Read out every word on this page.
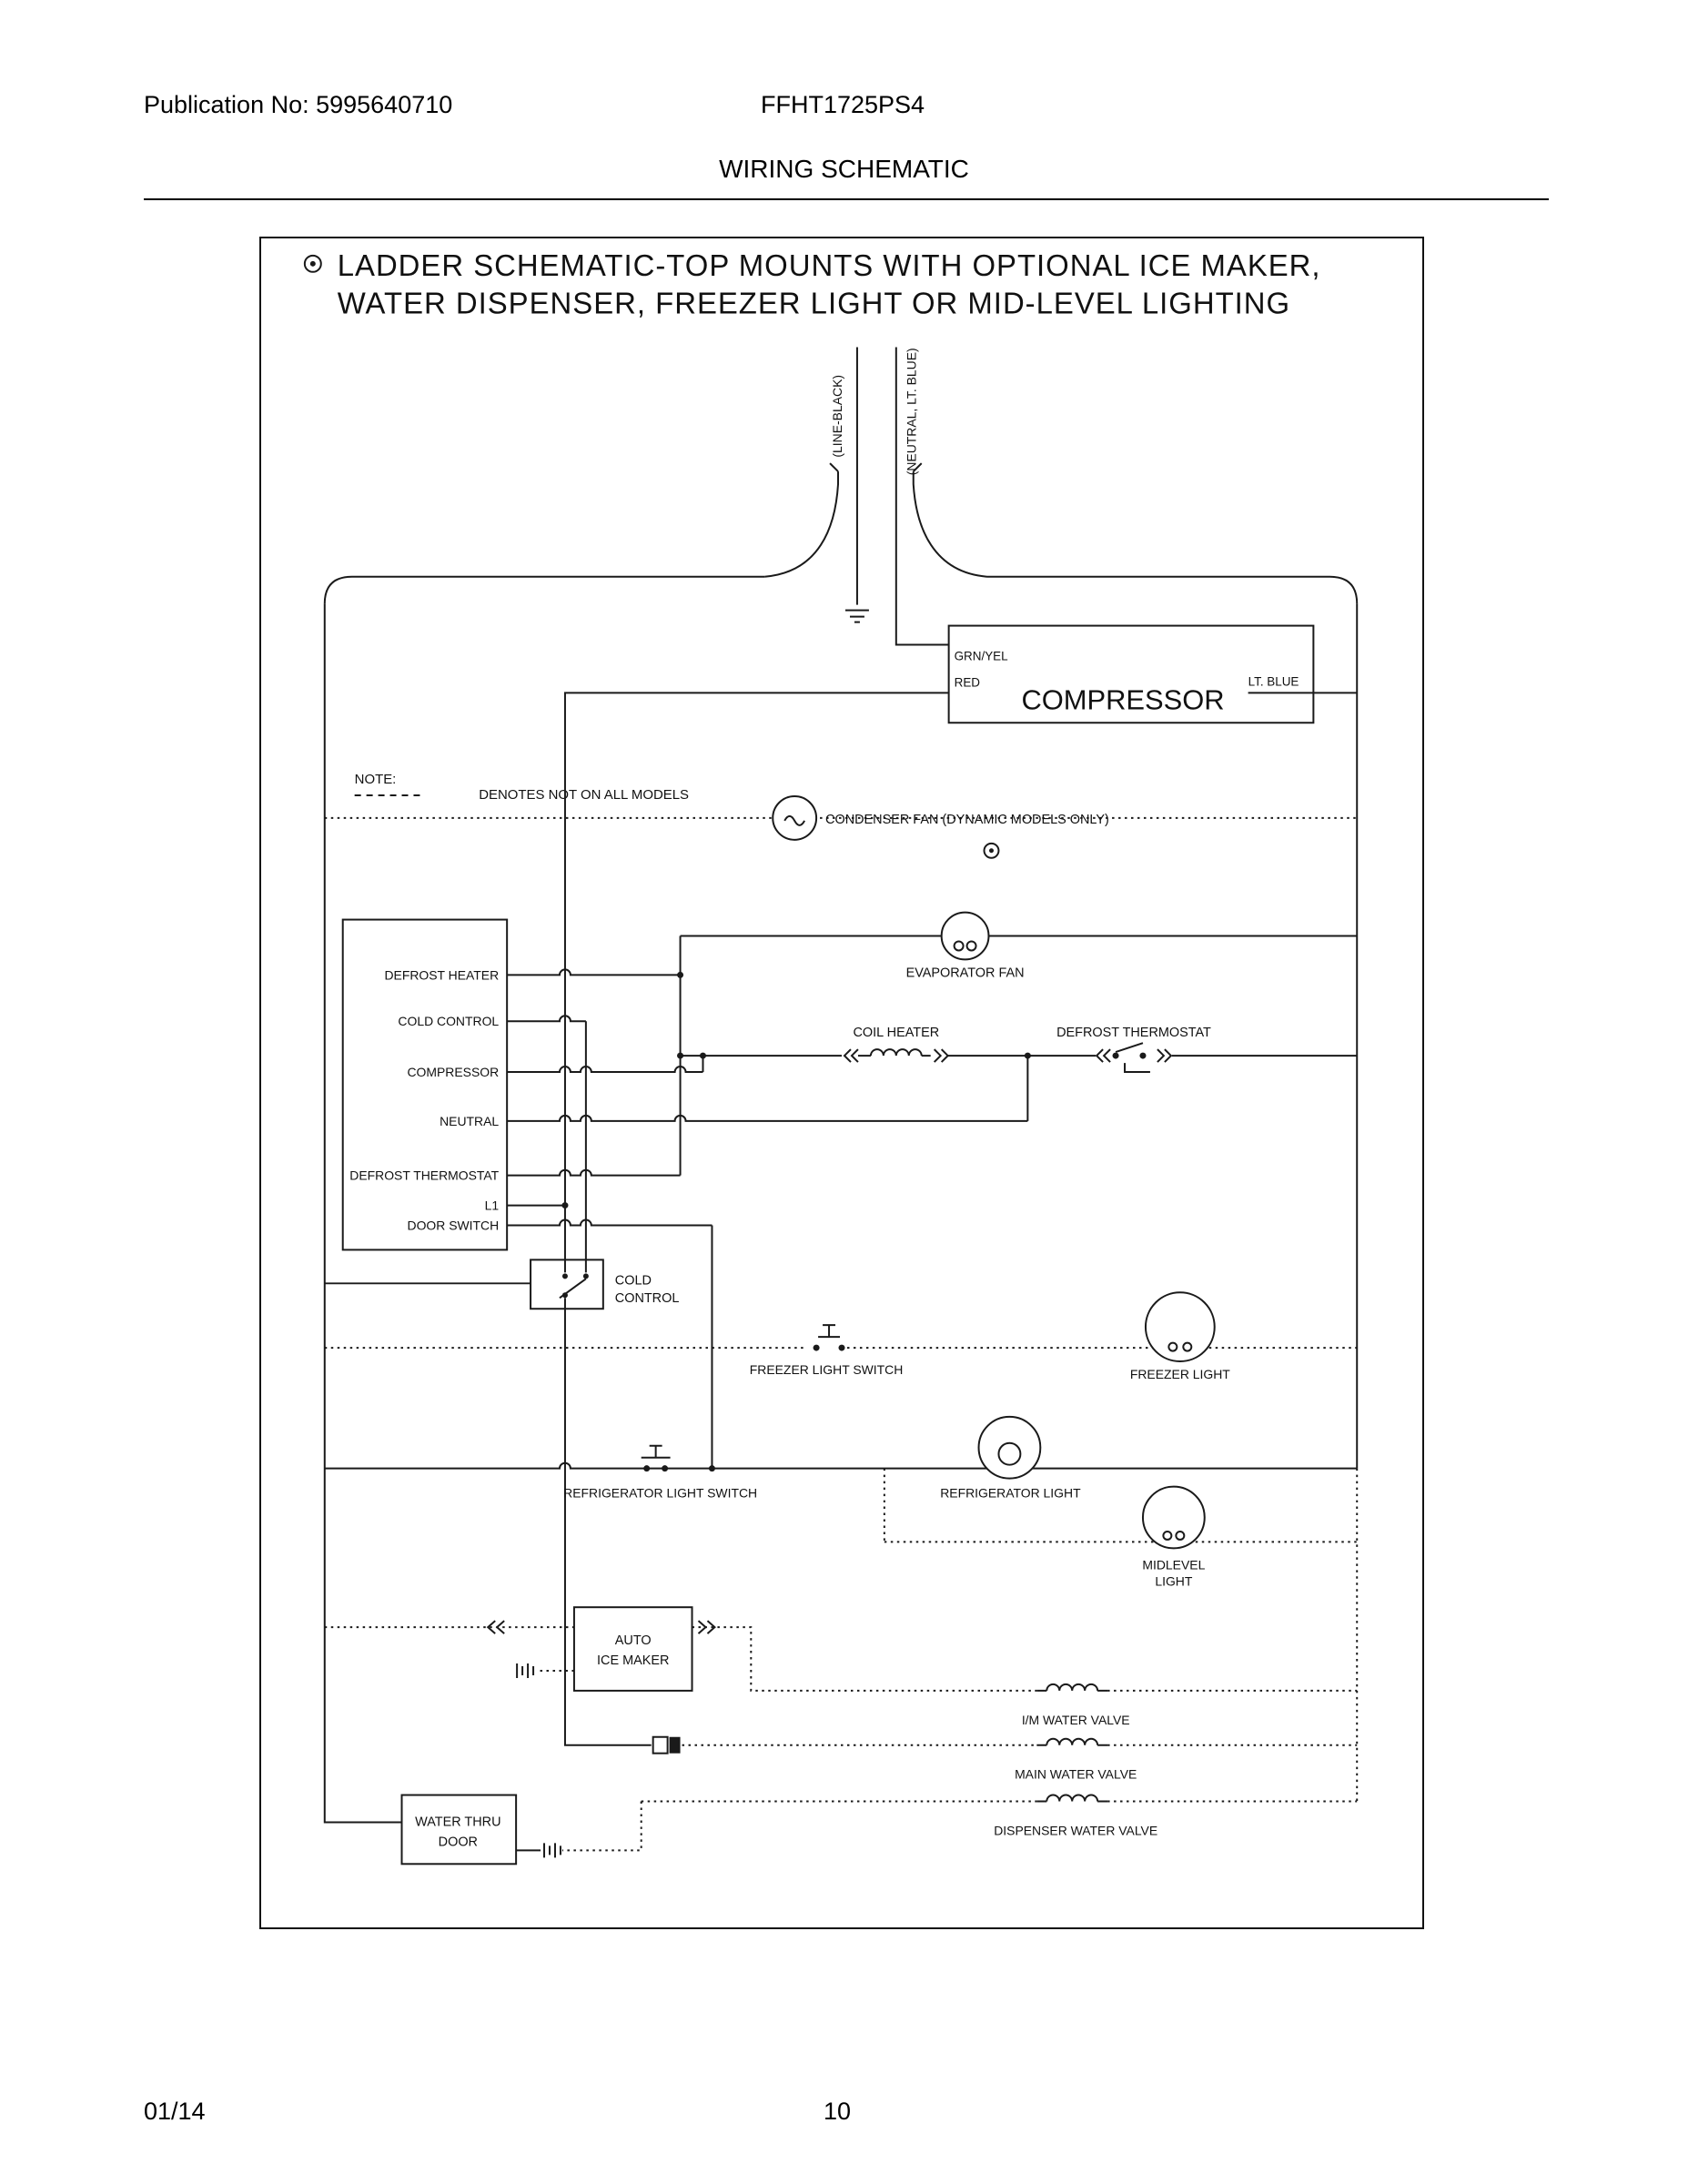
Publication No: 5995640710	FFHT1725PS4
WIRING SCHEMATIC
LADDER SCHEMATIC-TOP MOUNTS WITH OPTIONAL ICE MAKER,
WATER DISPENSER, FREEZER LIGHT OR MID-LEVEL LIGHTING
NOTE:
DENOTES NOT ON ALL MODELS
(LINE-BLACK)	(NEUTRAL, LT. BLUE)
GRN/YEL
RED
COMPRESSOR
LT. BLUE
CONDENSER FAN (DYNAMIC MODELS ONLY)
EVAPORATOR FAN
DEFROST HEATER
COLD CONTROL
COMPRESSOR
NEUTRAL
DEFROST THERMOSTAT
L1
DOOR SWITCH
COIL HEATER	DEFROST THERMOSTAT
COLD
CONTROL
FREEZER LIGHT SWITCH	FREEZER LIGHT
REFRIGERATOR LIGHT SWITCH	REFRIGERATOR LIGHT
MIDLEVEL
LIGHT
AUTO
ICE MAKER
I/M WATER VALVE
MAIN WATER VALVE
DISPENSER WATER VALVE
WATER THRU
DOOR
01/14	10
